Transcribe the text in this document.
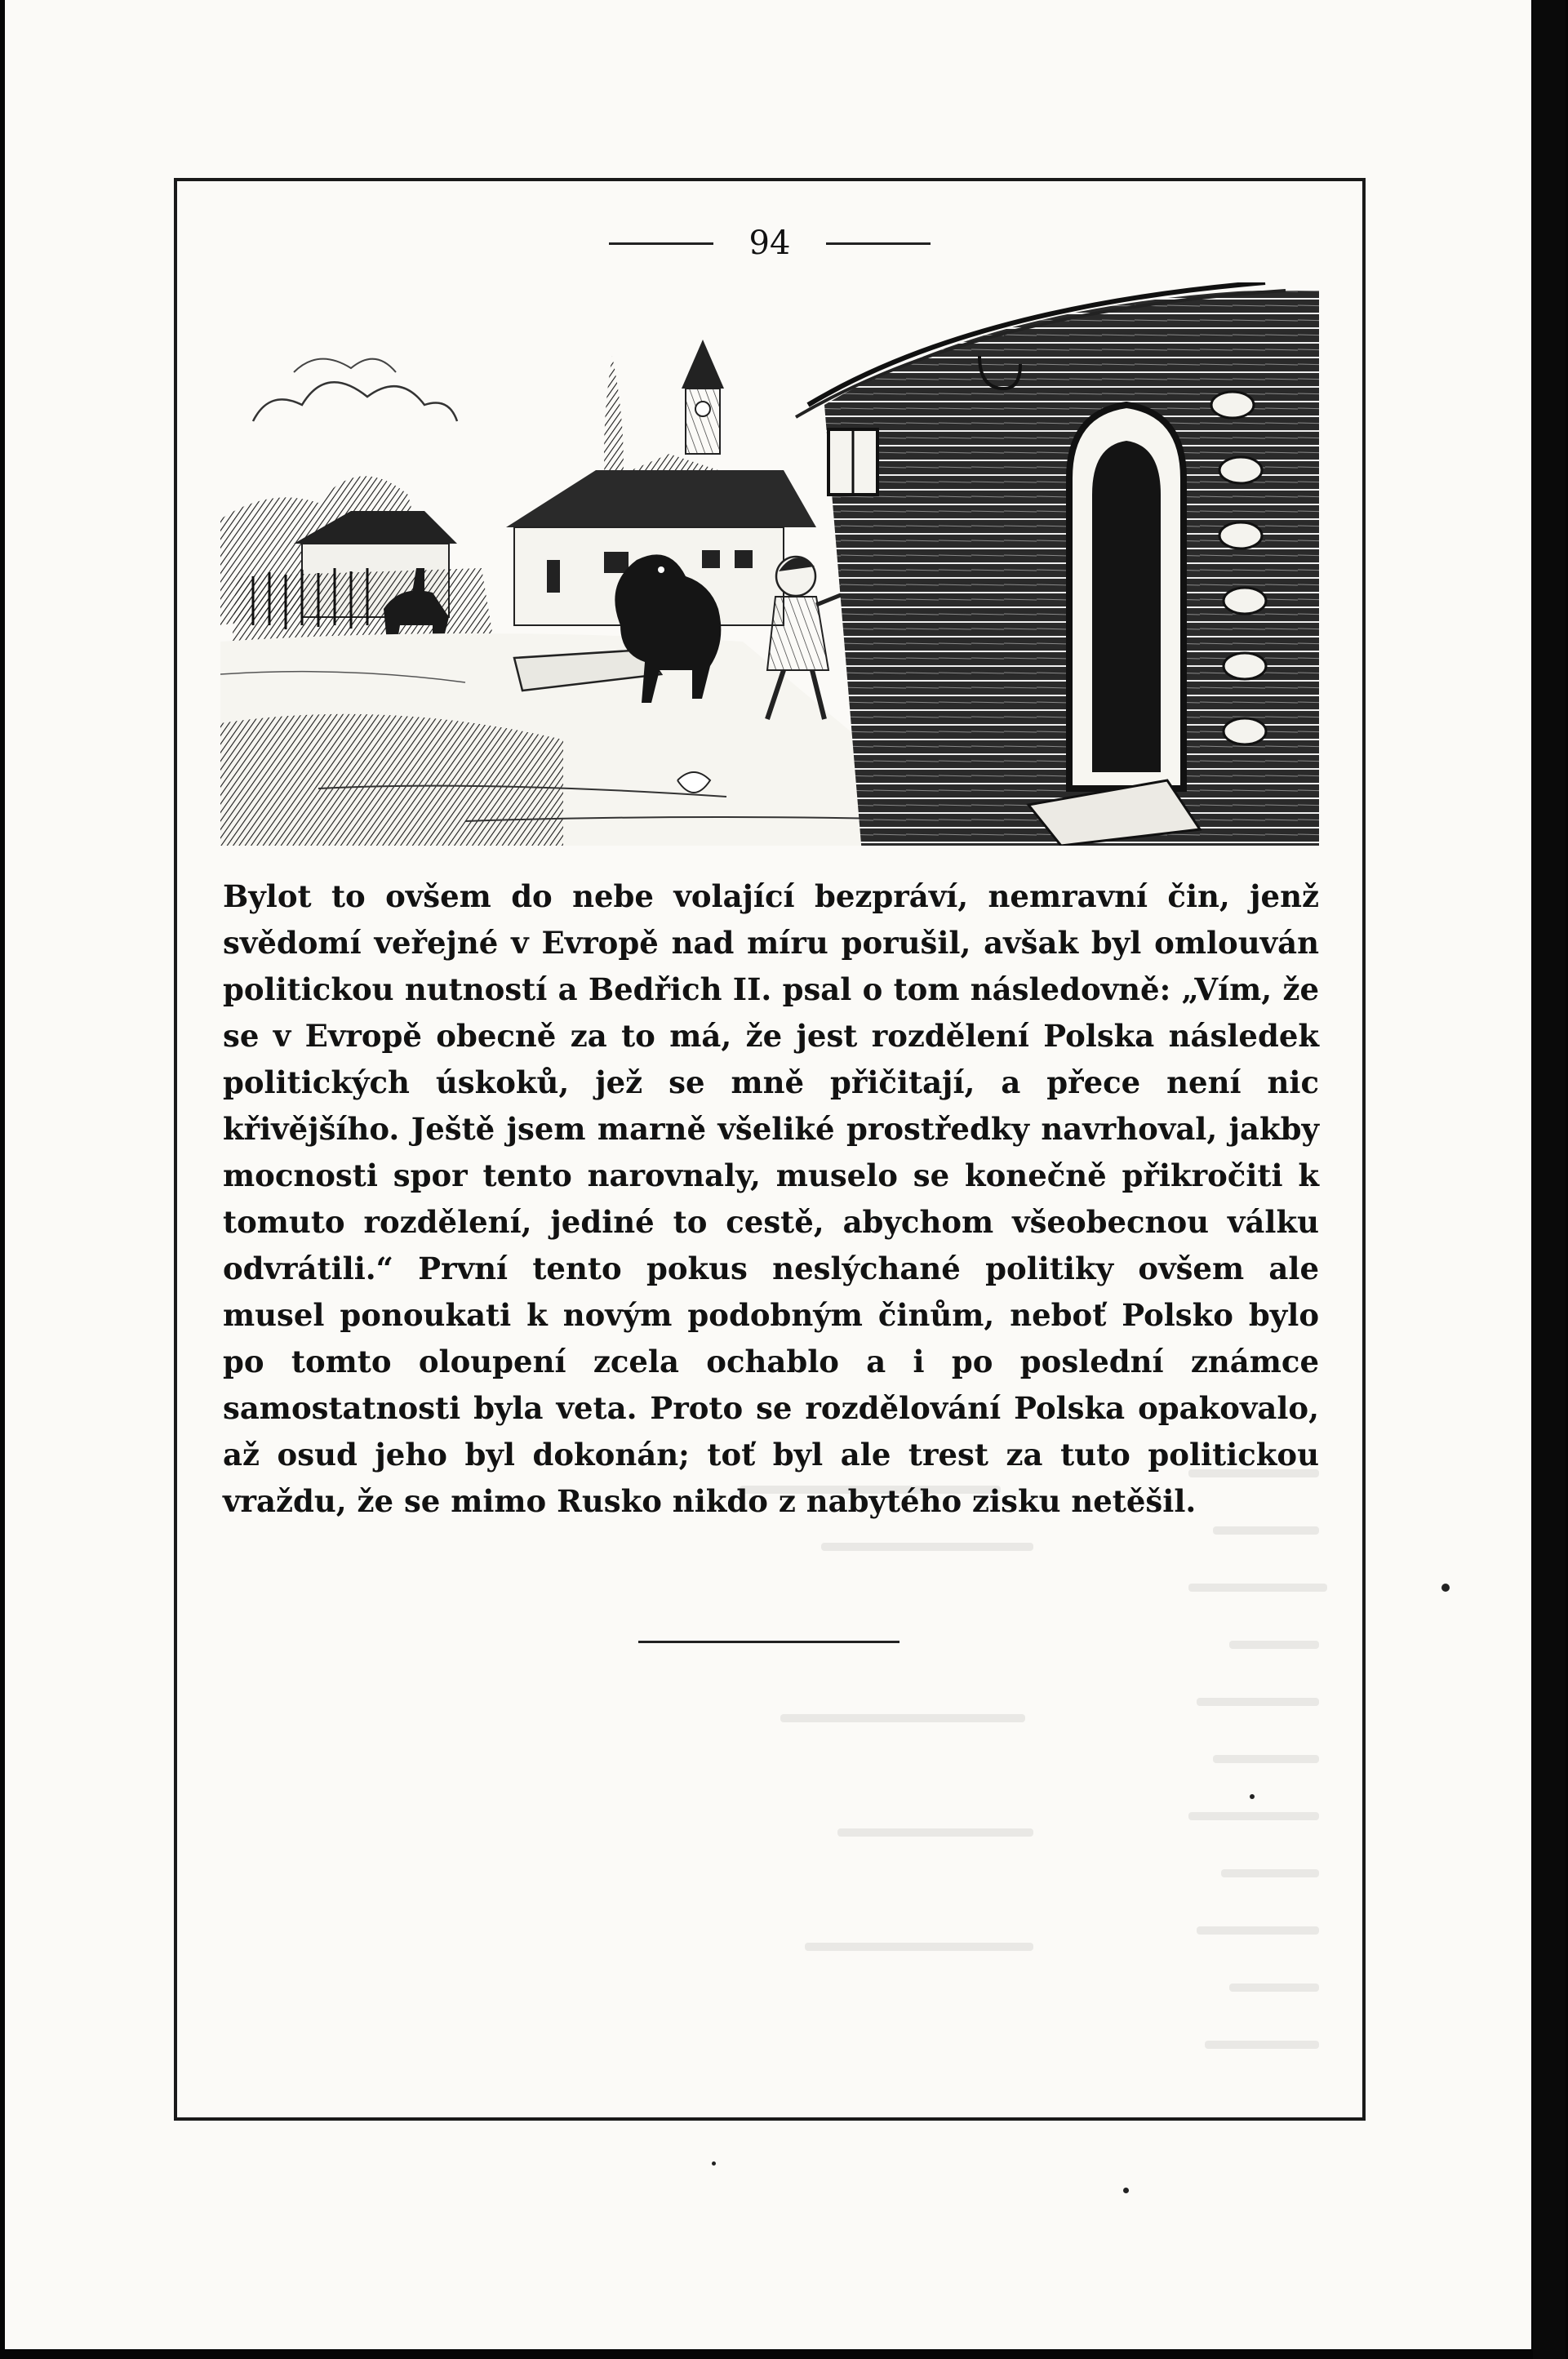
94

Bylot to ovšem do nebe volající bezpráví, nemravní čin, jenž svědomí veřejné v Evropě nad míru porušil, avšak byl omlouván politickou nutností a Bedřich II. psal o tom následovně: „Vím, že se v Evropě obecně za to má, že jest rozdělení Polska následek politických úskoků, jež se mně přičitají, a přece není nic křivějšího. Ještě jsem marně všeliké prostředky navrhoval, jakby mocnosti spor tento narovnaly, muselo se konečně přikročiti k tomuto rozdělení, jediné to cestě, abychom všeobecnou válku odvrátili.“ První tento pokus neslýchané politiky ovšem ale musel ponoukati k novým podobným činům, neboť Polsko bylo po tomto oloupení zcela ochablo a i po poslední známce samostatnosti byla veta. Proto se rozdělování Polska opakovalo, až osud jeho byl dokonán; toť byl ale trest za tuto politickou vraždu, že se mimo Rusko nikdo z nabytého zisku netěšil.
